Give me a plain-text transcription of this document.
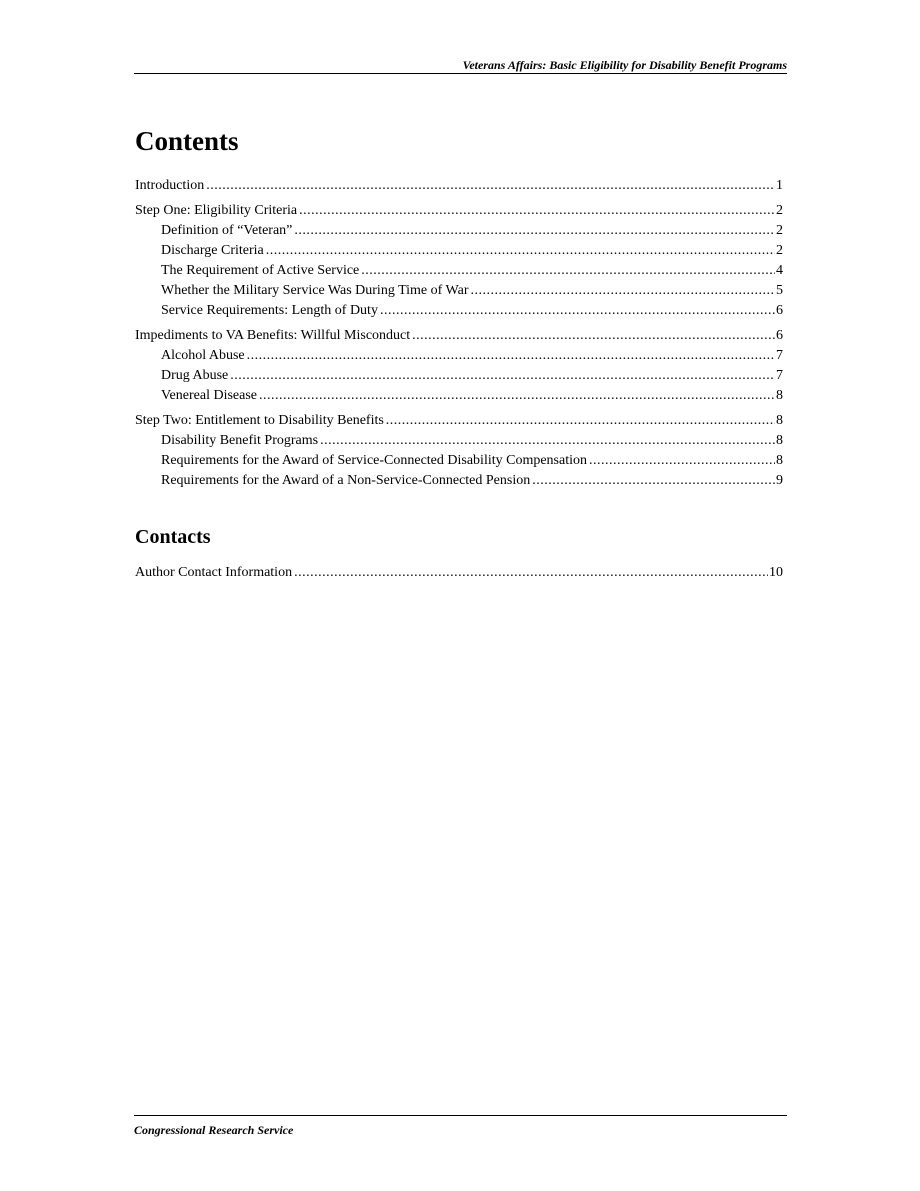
Veterans Affairs: Basic Eligibility for Disability Benefit Programs
Contents
Introduction . . .	1
Step One: Eligibility Criteria . . .	2
Definition of “Veteran” . . .	2
Discharge Criteria . . .	2
The Requirement of Active Service . . .	4
Whether the Military Service Was During Time of War . . .	5
Service Requirements: Length of Duty . . .	6
Impediments to VA Benefits: Willful Misconduct . . .	6
Alcohol Abuse . . .	7
Drug Abuse . . .	7
Venereal Disease . . .	8
Step Two: Entitlement to Disability Benefits . . .	8
Disability Benefit Programs . . .	8
Requirements for the Award of Service-Connected Disability Compensation . . .	8
Requirements for the Award of a Non-Service-Connected Pension . . .	9
Contacts
Author Contact Information . . .	10
Congressional Research Service
